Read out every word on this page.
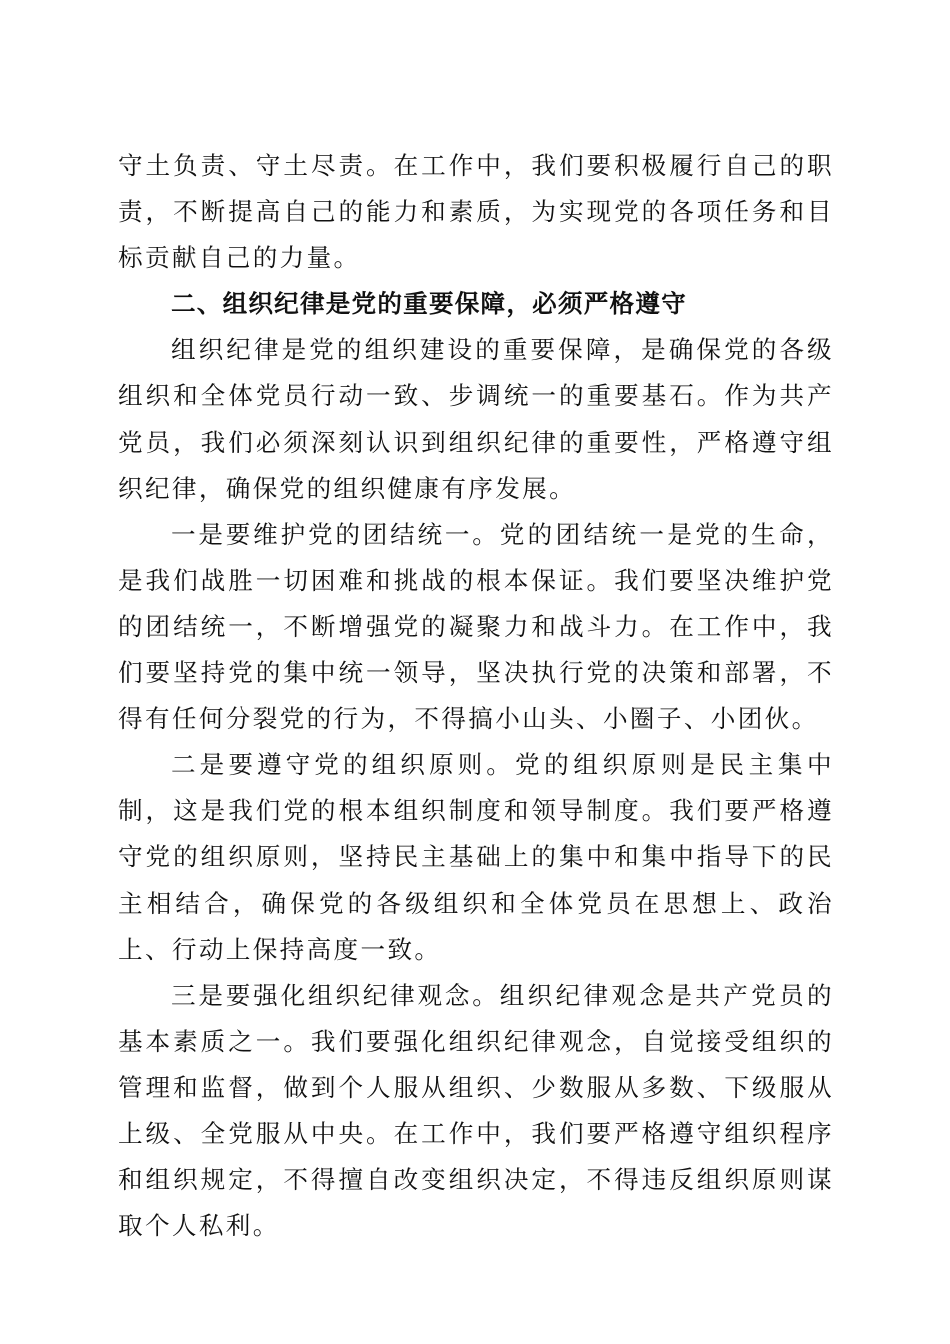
守土负责、守土尽责。在工作中，我们要积极履行自己的职责，不断提高自己的能力和素质，为实现党的各项任务和目标贡献自己的力量。

二、组织纪律是党的重要保障，必须严格遵守

组织纪律是党的组织建设的重要保障，是确保党的各级组织和全体党员行动一致、步调统一的重要基石。作为共产党员，我们必须深刻认识到组织纪律的重要性，严格遵守组织纪律，确保党的组织健康有序发展。

一是要维护党的团结统一。党的团结统一是党的生命，是我们战胜一切困难和挑战的根本保证。我们要坚决维护党的团结统一，不断增强党的凝聚力和战斗力。在工作中，我们要坚持党的集中统一领导，坚决执行党的决策和部署，不得有任何分裂党的行为，不得搞小山头、小圈子、小团伙。

二是要遵守党的组织原则。党的组织原则是民主集中制，这是我们党的根本组织制度和领导制度。我们要严格遵守党的组织原则，坚持民主基础上的集中和集中指导下的民主相结合，确保党的各级组织和全体党员在思想上、政治上、行动上保持高度一致。

三是要强化组织纪律观念。组织纪律观念是共产党员的基本素质之一。我们要强化组织纪律观念，自觉接受组织的管理和监督，做到个人服从组织、少数服从多数、下级服从上级、全党服从中央。在工作中，我们要严格遵守组织程序和组织规定，不得擅自改变组织决定，不得违反组织原则谋取个人私利。
